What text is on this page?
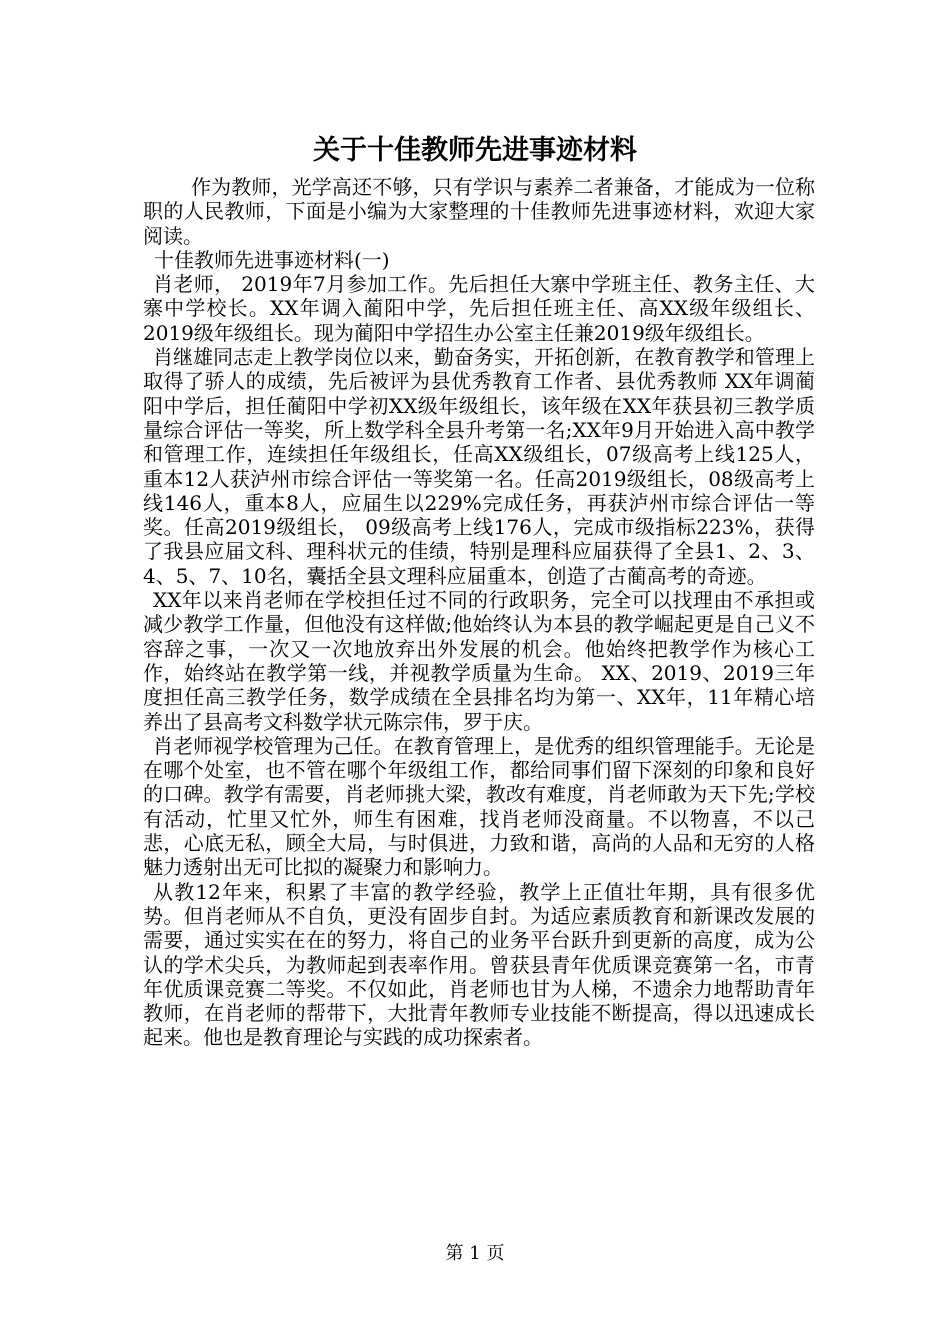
关于十佳教师先进事迹材料

作为教师，光学高还不够，只有学识与素养二者兼备，才能成为一位称职的人民教师，下面是小编为大家整理的十佳教师先进事迹材料，欢迎大家阅读。

十佳教师先进事迹材料(一)

肖老师， 2019年7月参加工作。先后担任大寨中学班主任、教务主任、大寨中学校长。XX年调入蔺阳中学，先后担任班主任、高XX级年级组长、2019级年级组长。现为蔺阳中学招生办公室主任兼2019级年级组长。

肖继雄同志走上教学岗位以来，勤奋务实，开拓创新，在教育教学和管理上取得了骄人的成绩，先后被评为县优秀教育工作者、县优秀教师 XX年调蔺阳中学后，担任蔺阳中学初XX级年级组长，该年级在XX年获县初三教学质量综合评估一等奖，所上数学科全县升考第一名;XX年9月开始进入高中教学和管理工作，连续担任年级组长，任高XX级组长，07级高考上线125人，重本12人获泸州市综合评估一等奖第一名。任高2019级组长，08级高考上线146人，重本8人，应届生以229%完成任务，再获泸州市综合评估一等奖。任高2019级组长， 09级高考上线176人，完成市级指标223%，获得了我县应届文科、理科状元的佳绩，特别是理科应届获得了全县1、2、3、4、5、7、10名，囊括全县文理科应届重本，创造了古蔺高考的奇迹。

XX年以来肖老师在学校担任过不同的行政职务，完全可以找理由不承担或减少教学工作量，但他没有这样做;他始终认为本县的教学崛起更是自己义不容辞之事，一次又一次地放弃出外发展的机会。他始终把教学作为核心工作，始终站在教学第一线，并视教学质量为生命。 XX、2019、2019三年度担任高三教学任务，数学成绩在全县排名均为第一、XX年，11年精心培养出了县高考文科数学状元陈宗伟，罗于庆。

肖老师视学校管理为己任。在教育管理上，是优秀的组织管理能手。无论是在哪个处室，也不管在哪个年级组工作，都给同事们留下深刻的印象和良好的口碑。教学有需要，肖老师挑大梁，教改有难度，肖老师敢为天下先;学校有活动，忙里又忙外，师生有困难，找肖老师没商量。不以物喜，不以己悲，心底无私，顾全大局，与时俱进，力致和谐，高尚的人品和无穷的人格魅力透射出无可比拟的凝聚力和影响力。

从教12年来，积累了丰富的教学经验，教学上正值壮年期，具有很多优势。但肖老师从不自负，更没有固步自封。为适应素质教育和新课改发展的需要，通过实实在在的努力，将自己的业务平台跃升到更新的高度，成为公认的学术尖兵，为教师起到表率作用。曾获县青年优质课竞赛第一名，市青年优质课竞赛二等奖。不仅如此，肖老师也甘为人梯，不遗余力地帮助青年教师，在肖老师的帮带下，大批青年教师专业技能不断提高，得以迅速成长起来。他也是教育理论与实践的成功探索者。

第 1 页
